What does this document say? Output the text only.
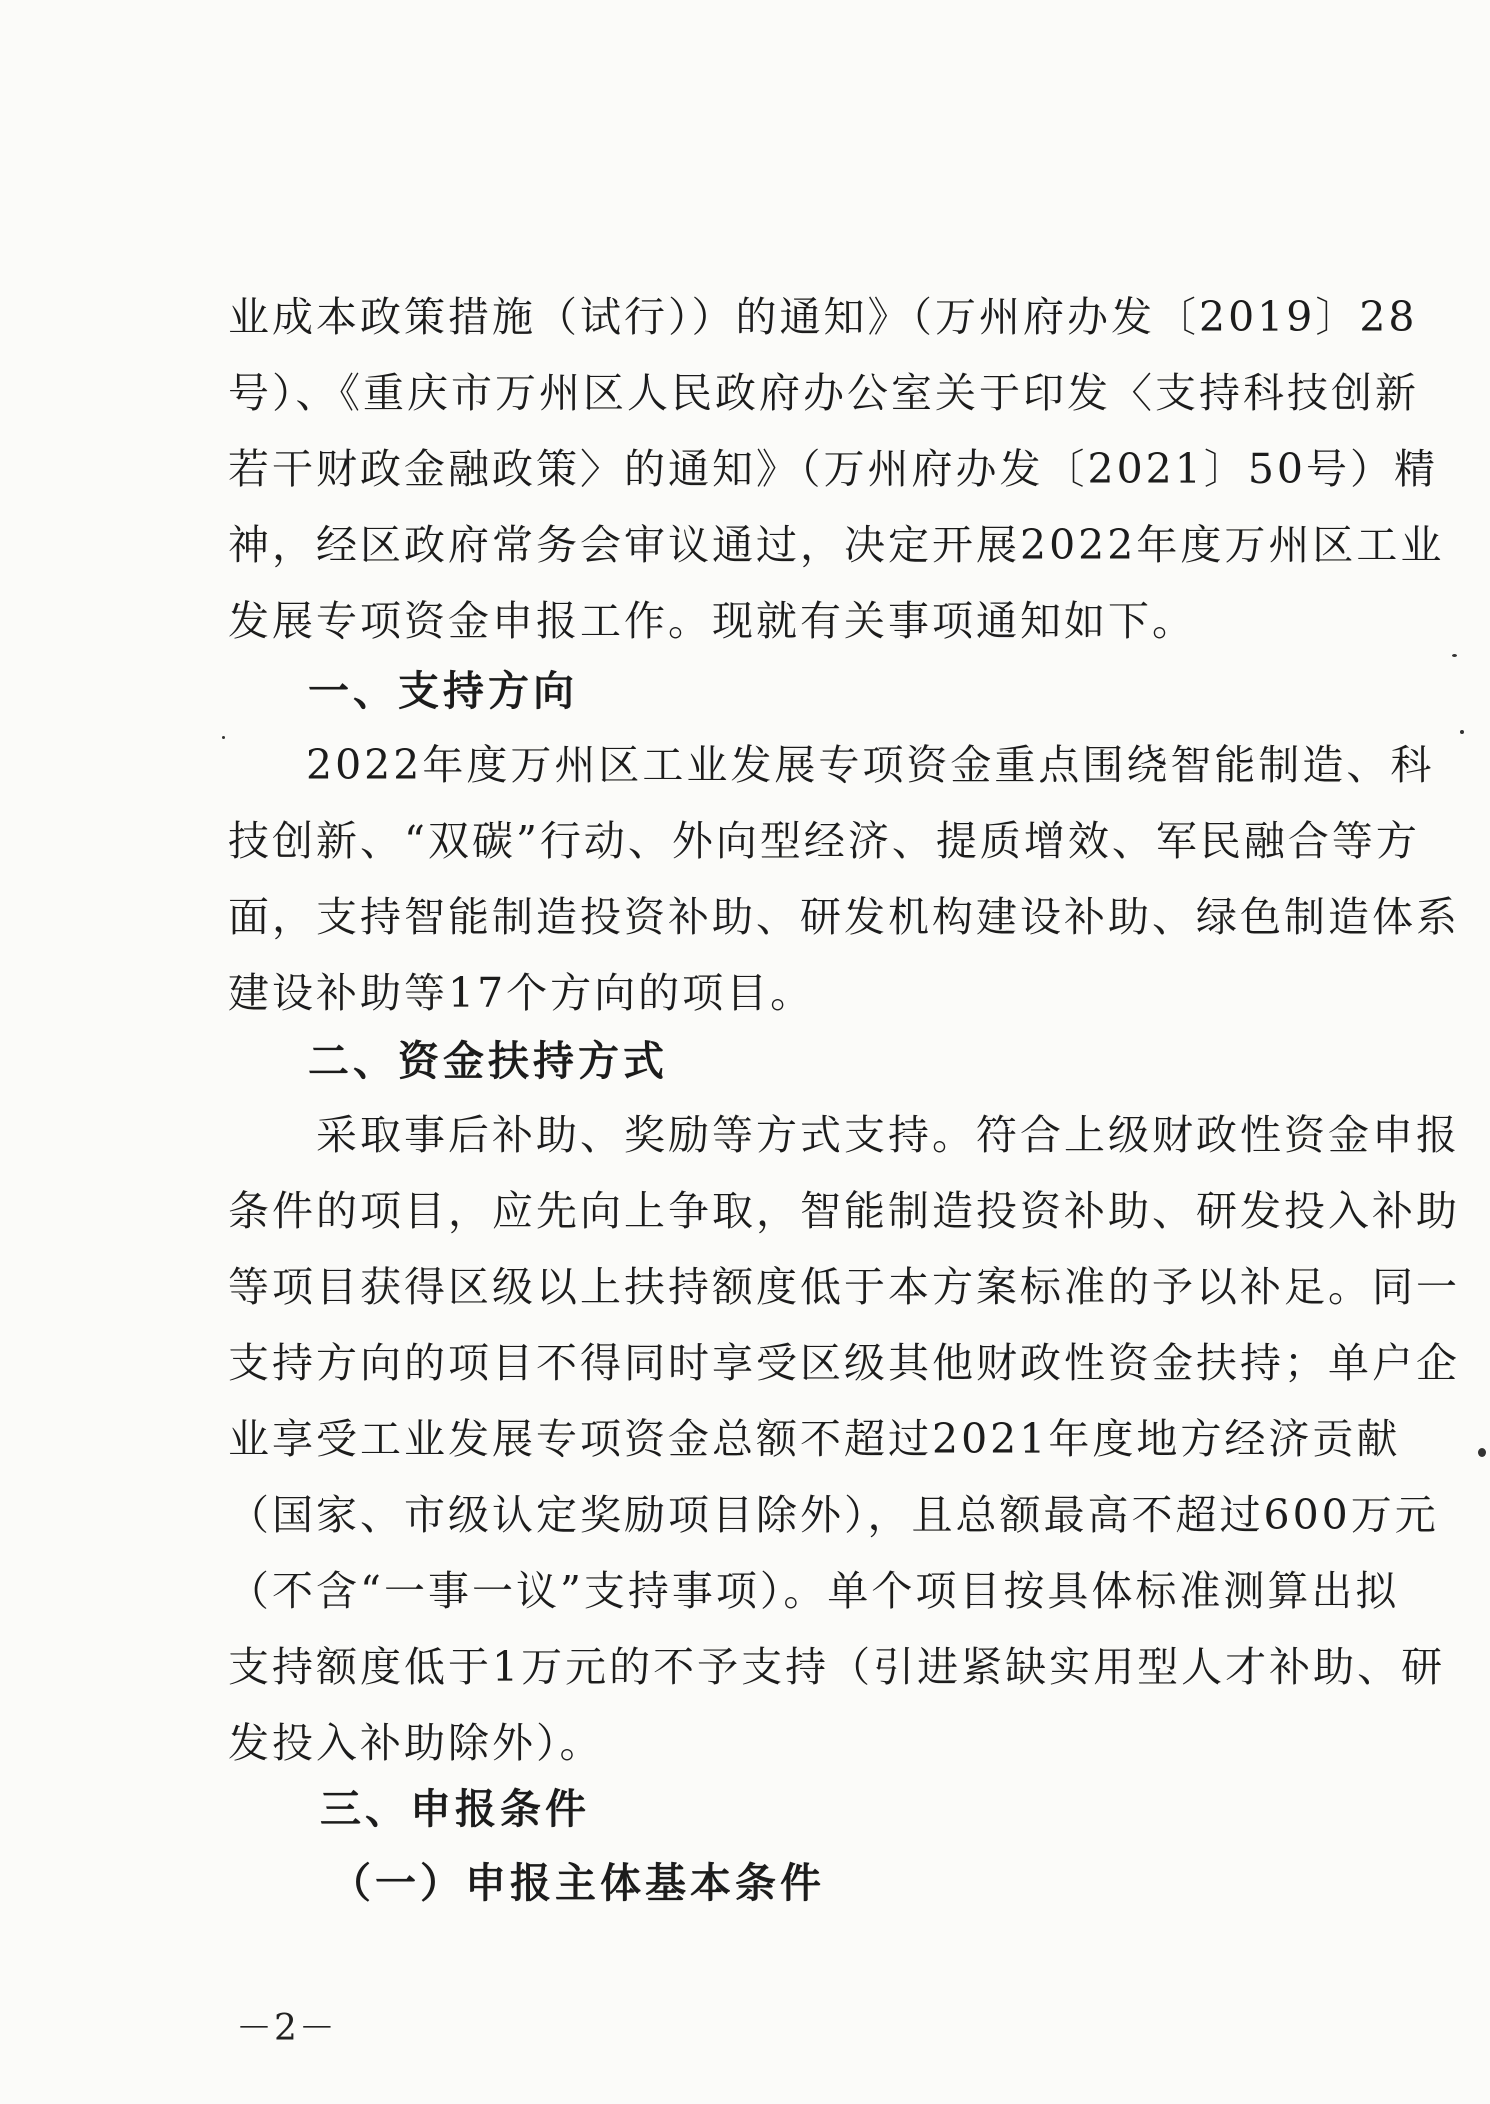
业成本政策措施（试行））的通知》（万州府办发〔2019〕28
号）、《重庆市万州区人民政府办公室关于印发〈支持科技创新
若干财政金融政策〉的通知》（万州府办发〔2021〕50号）精
神，经区政府常务会审议通过，决定开展2022年度万州区工业
发展专项资金申报工作。现就有关事项通知如下。
一、支持方向
2022年度万州区工业发展专项资金重点围绕智能制造、科
技创新、“双碳”行动、外向型经济、提质增效、军民融合等方
面，支持智能制造投资补助、研发机构建设补助、绿色制造体系
建设补助等17个方向的项目。
二、资金扶持方式
采取事后补助、奖励等方式支持。符合上级财政性资金申报
条件的项目，应先向上争取，智能制造投资补助、研发投入补助
等项目获得区级以上扶持额度低于本方案标准的予以补足。同一
支持方向的项目不得同时享受区级其他财政性资金扶持；单户企
业享受工业发展专项资金总额不超过2021年度地方经济贡献
（国家、市级认定奖励项目除外），且总额最高不超过600万元
（不含“一事一议”支持事项）。单个项目按具体标准测算出拟
支持额度低于1万元的不予支持（引进紧缺实用型人才补助、研
发投入补助除外）。
三、申报条件
（一）申报主体基本条件
－2－
